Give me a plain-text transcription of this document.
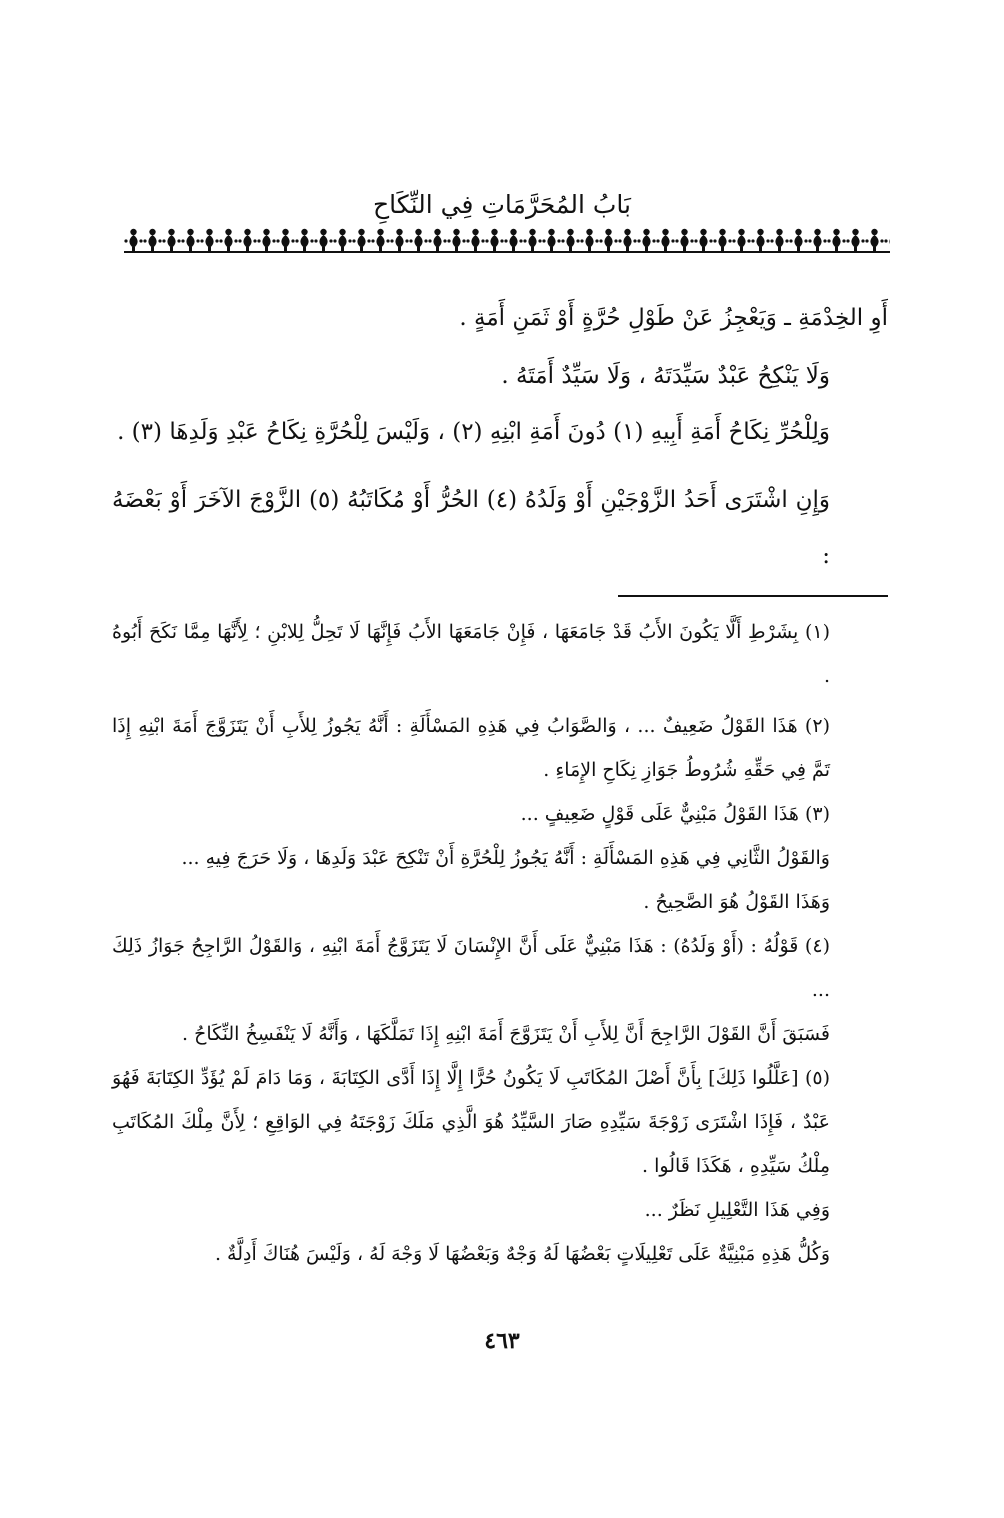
بَابُ المُحَرَّمَاتِ فِي النِّكَاحِ

أَوِ الخِدْمَةِ ـ وَيَعْجِزُ عَنْ طَوْلِ حُرَّةٍ أَوْ ثَمَنِ أَمَةٍ .

وَلَا يَنْكِحُ عَبْدٌ سَيِّدَتَهُ ، وَلَا سَيِّدٌ أَمَتَهُ .

وَلِلْحُرِّ نِكَاحُ أَمَةِ أَبِيهِ (١) دُونَ أَمَةِ ابْنِهِ (٢) ، وَلَيْسَ لِلْحُرَّةِ نِكَاحُ عَبْدِ وَلَدِهَا (٣) .

وَإِنِ اشْتَرَى أَحَدُ الزَّوْجَيْنِ أَوْ وَلَدُهُ (٤) الحُرُّ أَوْ مُكَاتَبُهُ (٥) الزَّوْجَ الآخَرَ أَوْ بَعْضَهُ :

(١) بِشَرْطِ أَلَّا يَكُونَ الأَبُ قَدْ جَامَعَهَا ، فَإِنْ جَامَعَهَا الأَبُ فَإِنَّهَا لَا تَحِلُّ لِلابْنِ ؛ لِأَنَّهَا مِمَّا نَكَحَ أَبُوهُ .

(٢) هَذَا القَوْلُ ضَعِيفٌ ... ، وَالصَّوَابُ فِي هَذِهِ المَسْأَلَةِ : أَنَّهُ يَجُوزُ لِلأَبِ أَنْ يَتَزَوَّجَ أَمَةَ ابْنِهِ إِذَا تَمَّ فِي حَقِّهِ شُرُوطُ جَوَازِ نِكَاحِ الإِمَاءِ .

(٣) هَذَا القَوْلُ مَبْنِيٌّ عَلَى قَوْلٍ ضَعِيفٍ ...

وَالقَوْلُ الثَّانِي فِي هَذِهِ المَسْأَلَةِ : أَنَّهُ يَجُوزُ لِلْحُرَّةِ أَنْ تَنْكِحَ عَبْدَ وَلَدِهَا ، وَلَا حَرَجَ فِيهِ ...

وَهَذَا القَوْلُ هُوَ الصَّحِيحُ .

(٤) قَوْلُهُ : (أَوْ وَلَدُهُ) : هَذَا مَبْنِيٌّ عَلَى أَنَّ الإِنْسَانَ لَا يَتَزَوَّجُ أَمَةَ ابْنِهِ ، وَالقَوْلُ الرَّاجِحُ جَوَازُ ذَلِكَ ...

فَسَبَقَ أَنَّ القَوْلَ الرَّاجِحَ أَنَّ لِلأَبِ أَنْ يَتَزَوَّجَ أَمَةَ ابْنِهِ إِذَا تَمَلَّكَهَا ، وَأَنَّهُ لَا يَنْفَسِخُ النِّكَاحُ .

(٥) [عَلَّلُوا ذَلِكَ] بِأَنَّ أَصْلَ المُكَاتَبِ لَا يَكُونُ حُرًّا إِلَّا إِذَا أَدَّى الكِتَابَةَ ، وَمَا دَامَ لَمْ يُؤَدِّ الكِتَابَةَ فَهُوَ عَبْدٌ ، فَإِذَا اشْتَرَى زَوْجَةَ سَيِّدِهِ صَارَ السَّيِّدُ هُوَ الَّذِي مَلَكَ زَوْجَتَهُ فِي الوَاقِعِ ؛ لِأَنَّ مِلْكَ المُكَاتَبِ مِلْكُ سَيِّدِهِ ، هَكَذَا قَالُوا .

وَفِي هَذَا التَّعْلِيلِ نَظَرٌ ...

وَكُلُّ هَذِهِ مَبْنِيَّةٌ عَلَى تَعْلِيلَاتٍ بَعْضُهَا لَهُ وَجْهٌ وَبَعْضُهَا لَا وَجْهَ لَهُ ، وَلَيْسَ هُنَاكَ أَدِلَّةٌ .

٤٦٣
